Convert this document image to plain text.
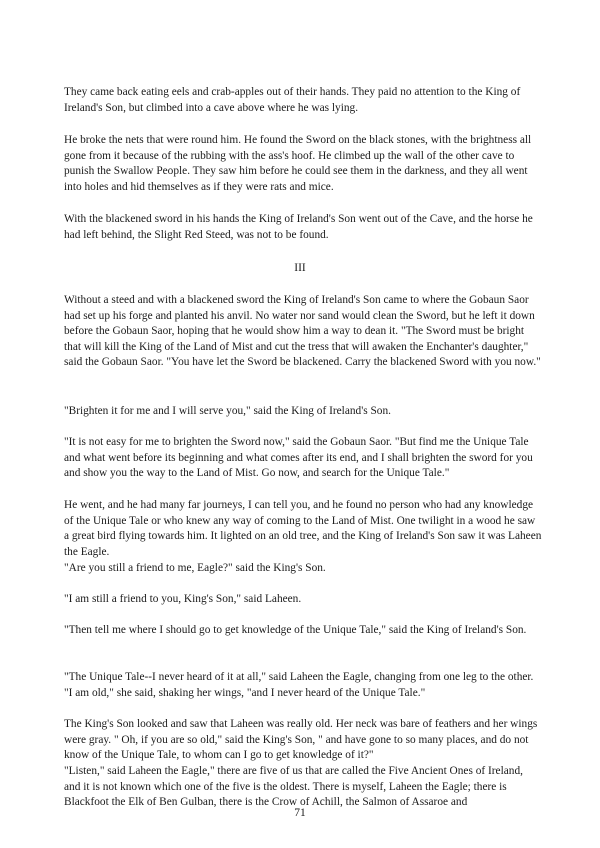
They came back eating eels and crab-apples out of their hands. They paid no attention to the King of Ireland's Son, but climbed into a cave above where he was lying.

He broke the nets that were round him. He found the Sword on the black stones, with the brightness all gone from it because of the rubbing with the ass's hoof. He climbed up the wall of the other cave to punish the Swallow People. They saw him before he could see them in the darkness, and they all went into holes and hid themselves as if they were rats and mice.

With the blackened sword in his hands the King of Ireland's Son went out of the Cave, and the horse he had left behind, the Slight Red Steed, was not to be found.

III

Without a steed and with a blackened sword the King of Ireland's Son came to where the Gobaun Saor had set up his forge and planted his anvil. No water nor sand would clean the Sword, but he left it down before the Gobaun Saor, hoping that he would show him a way to dean it. "The Sword must be bright that will kill the King of the Land of Mist and cut the tress that will awaken the Enchanter's daughter," said the Gobaun Saor. "You have let the Sword be blackened. Carry the blackened Sword with you now."

"Brighten it for me and I will serve you," said the King of Ireland's Son.

"It is not easy for me to brighten the Sword now," said the Gobaun Saor. "But find me the Unique Tale and what went before its beginning and what comes after its end, and I shall brighten the sword for you and show you the way to the Land of Mist. Go now, and search for the Unique Tale."

He went, and he had many far journeys, I can tell you, and he found no person who had any knowledge of the Unique Tale or who knew any way of coming to the Land of Mist. One twilight in a wood he saw a great bird flying towards him. It lighted on an old tree, and the King of Ireland's Son saw it was Laheen the Eagle.

"Are you still a friend to me, Eagle?" said the King's Son.

"I am still a friend to you, King's Son," said Laheen.

"Then tell me where I should go to get knowledge of the Unique Tale," said the King of Ireland's Son.

"The Unique Tale--I never heard of it at all," said Laheen the Eagle, changing from one leg to the other. "I am old," she said, shaking her wings, "and I never heard of the Unique Tale."

The King's Son looked and saw that Laheen was really old. Her neck was bare of feathers and her wings were gray. " Oh, if you are so old," said the King's Son, " and have gone to so many places, and do not know of the Unique Tale, to whom can I go to get knowledge of it?"

"Listen," said Laheen the Eagle," there are five of us that are called the Five Ancient Ones of Ireland, and it is not known which one of the five is the oldest. There is myself, Laheen the Eagle; there is Blackfoot the Elk of Ben Gulban, there is the Crow of Achill, the Salmon of Assaroe and

71
